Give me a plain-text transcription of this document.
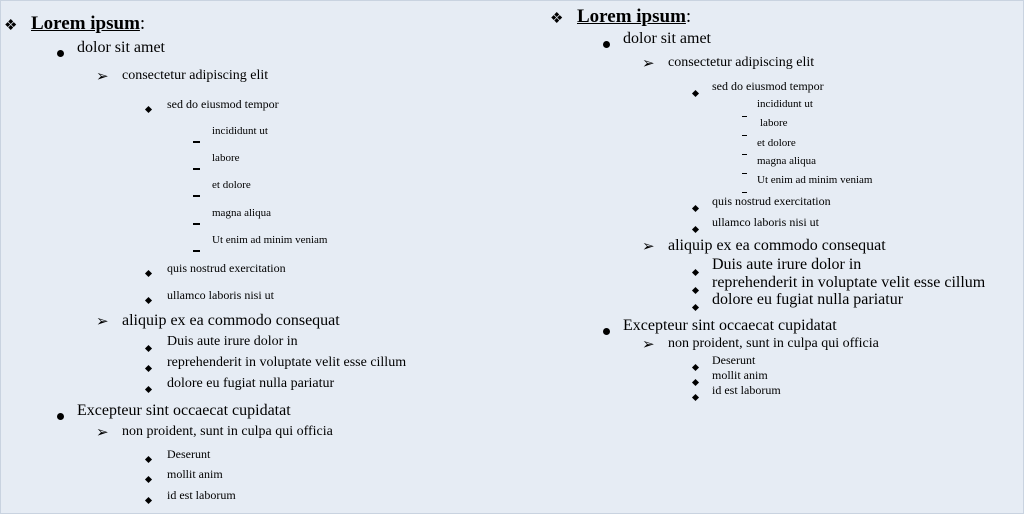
❖ Lorem ipsum:
dolor sit amet
➢ consectetur adipiscing elit
sed do eiusmod tempor
incididunt ut
labore
et dolore
magna aliqua
Ut enim ad minim veniam
quis nostrud exercitation
ullamco laboris nisi ut
➢ aliquip ex ea commodo consequat
Duis aute irure dolor in
reprehenderit in voluptate velit esse cillum
dolore eu fugiat nulla pariatur
Excepteur sint occaecat cupidatat
➢ non proident, sunt in culpa qui officia
Deserunt
mollit anim
id est laborum
❖ Lorem ipsum:
dolor sit amet
➢ consectetur adipiscing elit
sed do eiusmod tempor
incididunt ut
labore
et dolore
magna aliqua
Ut enim ad minim veniam
quis nostrud exercitation
ullamco laboris nisi ut
➢ aliquip ex ea commodo consequat
Duis aute irure dolor in
reprehenderit in voluptate velit esse cillum
dolore eu fugiat nulla pariatur
Excepteur sint occaecat cupidatat
➢ non proident, sunt in culpa qui officia
Deserunt
mollit anim
id est laborum
